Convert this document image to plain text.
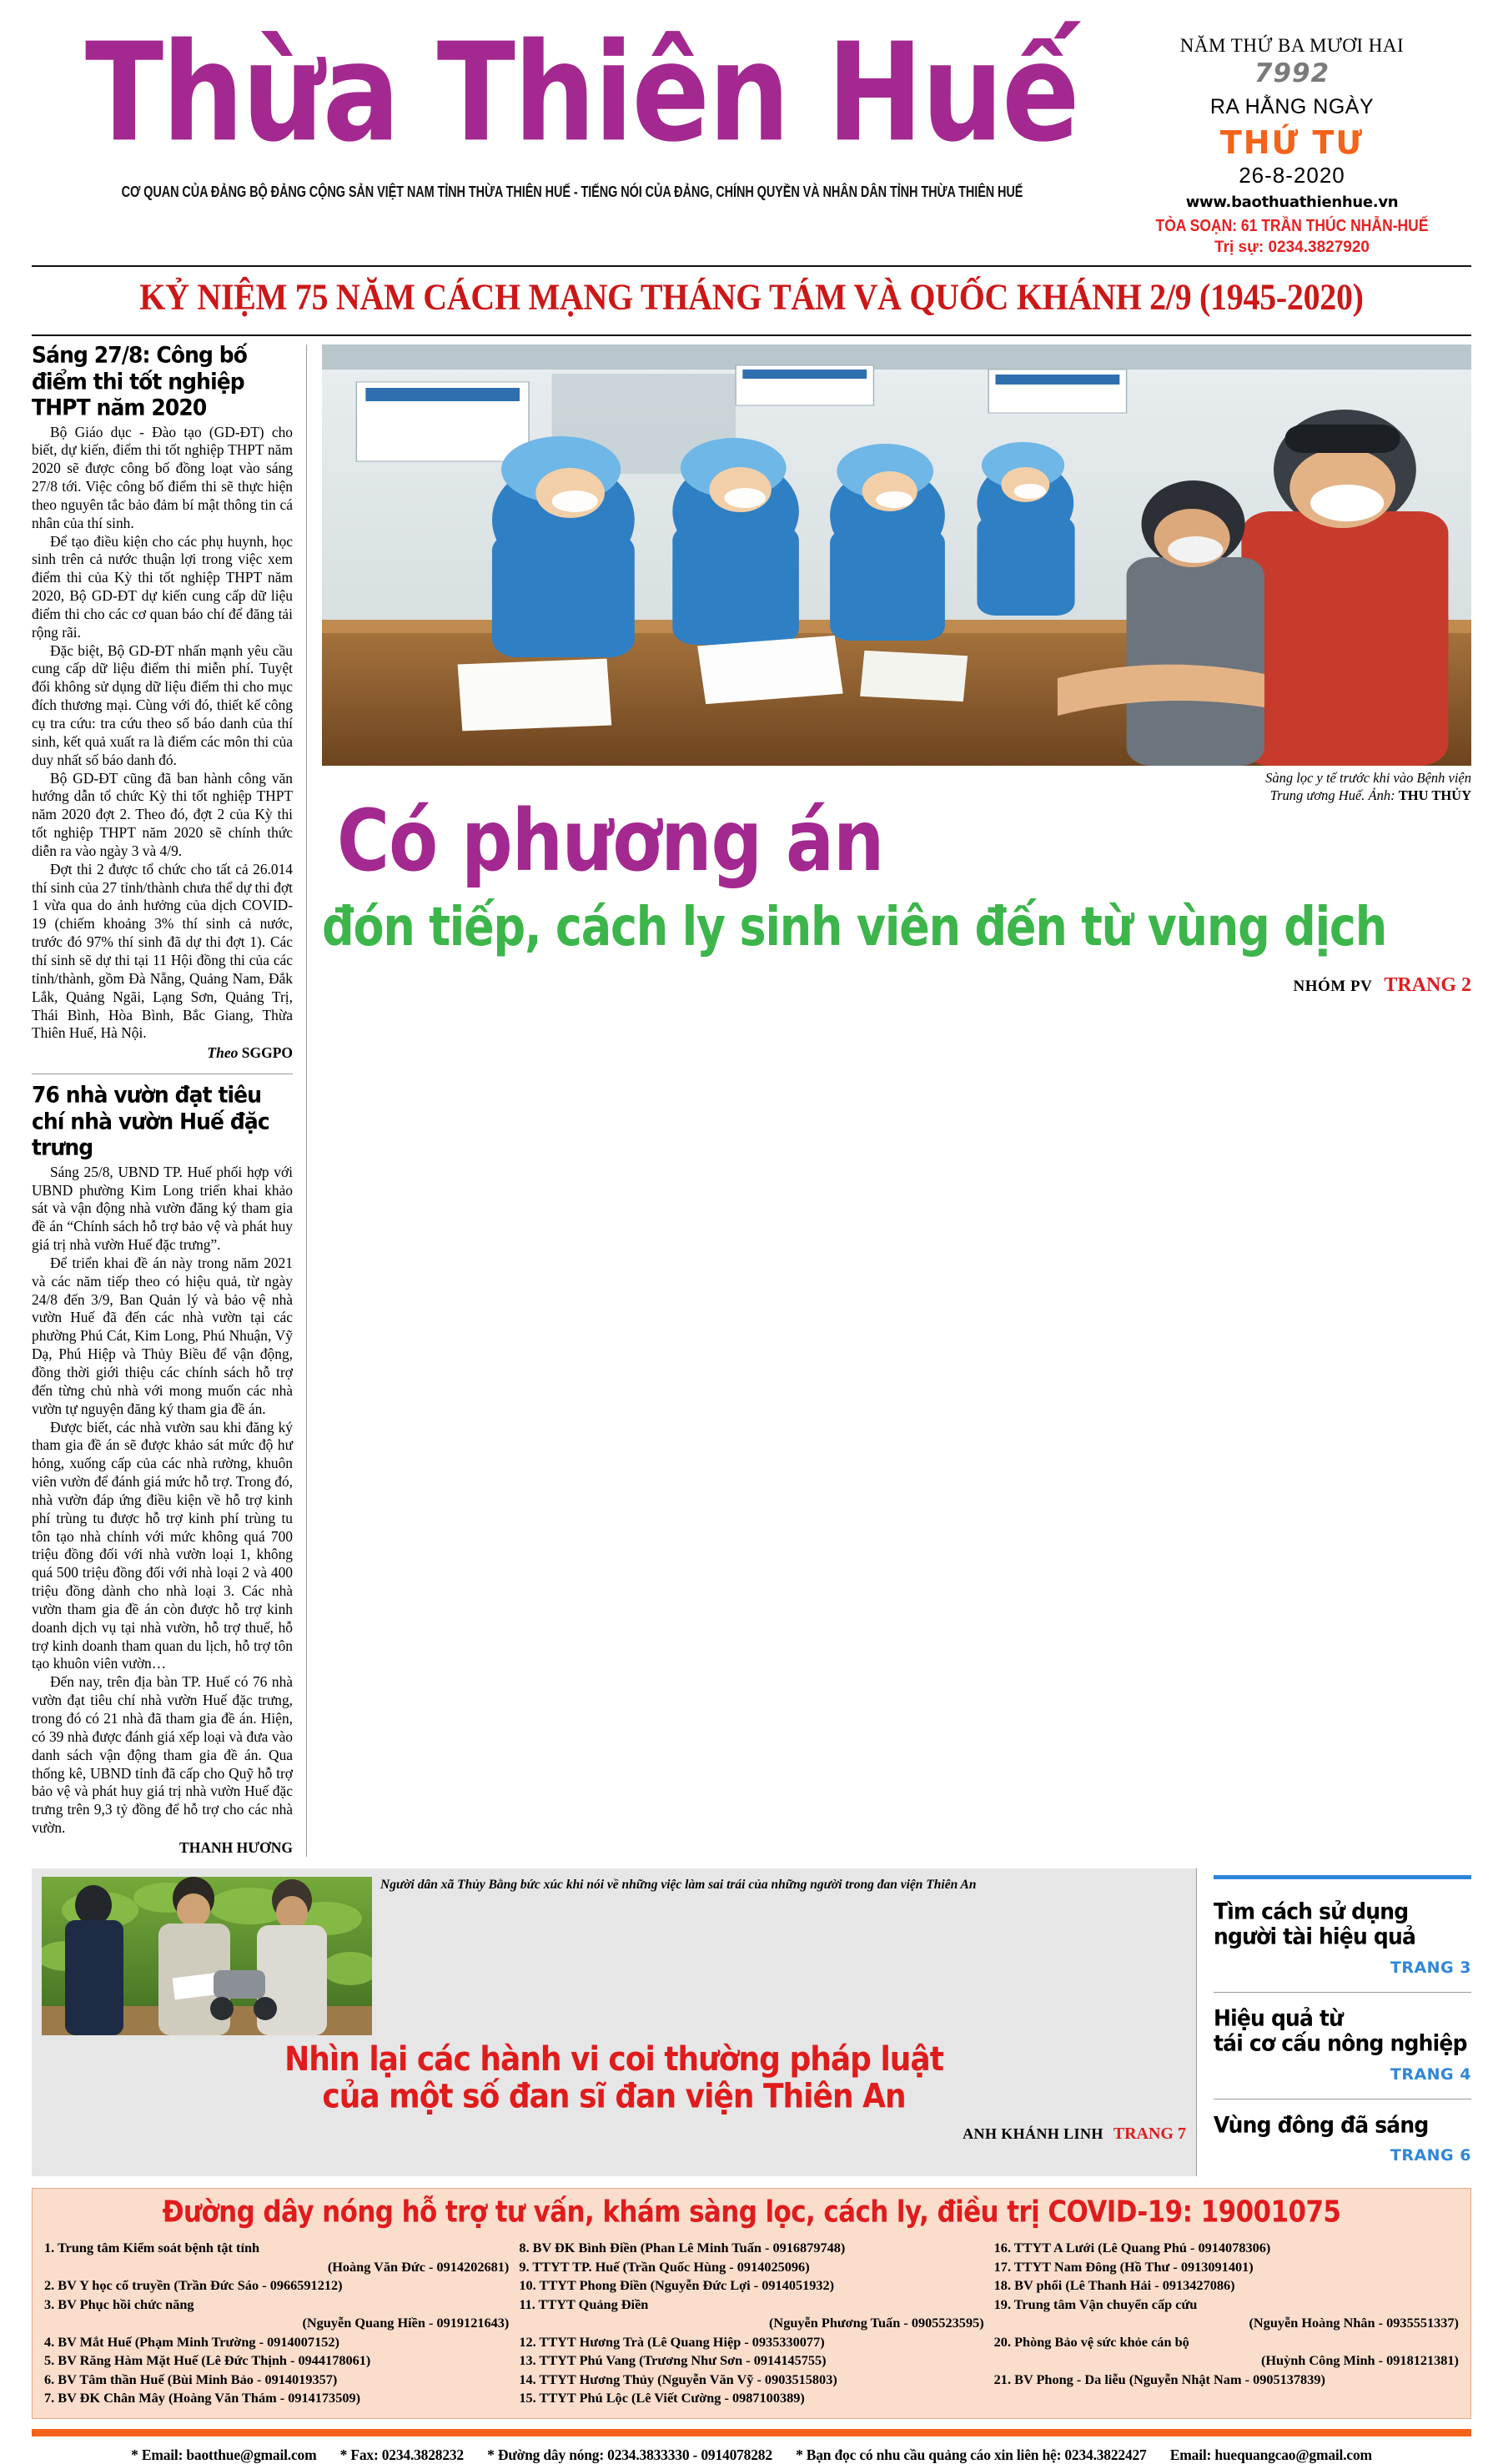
Thừa Thiên Huế
CƠ QUAN CỦA ĐẢNG BỘ ĐẢNG CỘNG SẢN VIỆT NAM TỈNH THỪA THIÊN HUẾ - TIẾNG NÓI CỦA ĐẢNG, CHÍNH QUYỀN VÀ NHÂN DÂN TỈNH THỪA THIÊN HUẾ
NĂM THỨ BA MƯƠI HAI
7992
RA HẰNG NGÀY
THỨ TƯ
26-8-2020
www.baothuathienhue.vn
TÒA SOẠN: 61 TRẦN THÚC NHẪN-HUẾ
Trị sự: 0234.3827920
KỶ NIỆM 75 NĂM CÁCH MẠNG THÁNG TÁM VÀ QUỐC KHÁNH 2/9 (1945-2020)
Sáng 27/8: Công bố điểm thi tốt nghiệp THPT năm 2020

Bộ Giáo dục - Đào tạo (GD-ĐT) cho biết, dự kiến, điểm thi tốt nghiệp THPT năm 2020 sẽ được công bố đồng loạt vào sáng 27/8 tới. Việc công bố điểm thi sẽ thực hiện theo nguyên tắc bảo đảm bí mật thông tin cá nhân của thí sinh.

Để tạo điều kiện cho các phụ huynh, học sinh trên cả nước thuận lợi trong việc xem điểm thi của Kỳ thi tốt nghiệp THPT năm 2020, Bộ GD-ĐT dự kiến cung cấp dữ liệu điểm thi cho các cơ quan báo chí để đăng tải rộng rãi.

Đặc biệt, Bộ GD-ĐT nhấn mạnh yêu cầu cung cấp dữ liệu điểm thi miễn phí. Tuyệt đối không sử dụng dữ liệu điểm thi cho mục đích thương mại. Cùng với đó, thiết kế công cụ tra cứu: tra cứu theo số báo danh của thí sinh, kết quả xuất ra là điểm các môn thi của duy nhất số báo danh đó.

Bộ GD-ĐT cũng đã ban hành công văn hướng dẫn tổ chức Kỳ thi tốt nghiệp THPT năm 2020 đợt 2. Theo đó, đợt 2 của Kỳ thi tốt nghiệp THPT năm 2020 sẽ chính thức diễn ra vào ngày 3 và 4/9.

Đợt thi 2 được tổ chức cho tất cả 26.014 thí sinh của 27 tỉnh/thành chưa thể dự thi đợt 1 vừa qua do ảnh hưởng của dịch COVID-19 (chiếm khoảng 3% thí sinh cả nước, trước đó 97% thí sinh đã dự thi đợt 1). Các thí sinh sẽ dự thi tại 11 Hội đồng thi của các tỉnh/thành, gồm Đà Nẵng, Quảng Nam, Đắk Lắk, Quảng Ngãi, Lạng Sơn, Quảng Trị, Thái Bình, Hòa Bình, Bắc Giang, Thừa Thiên Huế, Hà Nội.

Theo SGGPO
76 nhà vườn đạt tiêu chí nhà vườn Huế đặc trưng

Sáng 25/8, UBND TP. Huế phối hợp với UBND phường Kim Long triển khai khảo sát và vận động nhà vườn đăng ký tham gia đề án “Chính sách hỗ trợ bảo vệ và phát huy giá trị nhà vườn Huế đặc trưng”.

Để triển khai đề án này trong năm 2021 và các năm tiếp theo có hiệu quả, từ ngày 24/8 đến 3/9, Ban Quản lý và bảo vệ nhà vườn Huế đã đến các nhà vườn tại các phường Phú Cát, Kim Long, Phú Nhuận, Vỹ Dạ, Phú Hiệp và Thủy Biều để vận động, đồng thời giới thiệu các chính sách hỗ trợ đến từng chủ nhà với mong muốn các nhà vườn tự nguyện đăng ký tham gia đề án.

Được biết, các nhà vườn sau khi đăng ký tham gia đề án sẽ được khảo sát mức độ hư hỏng, xuống cấp của các nhà rường, khuôn viên vườn để đánh giá mức hỗ trợ. Trong đó, nhà vườn đáp ứng điều kiện về hỗ trợ kinh phí trùng tu được hỗ trợ kinh phí trùng tu tôn tạo nhà chính với mức không quá 700 triệu đồng đối với nhà vườn loại 1, không quá 500 triệu đồng đối với nhà loại 2 và 400 triệu đồng dành cho nhà loại 3. Các nhà vườn tham gia đề án còn được hỗ trợ kinh doanh dịch vụ tại nhà vườn, hỗ trợ thuế, hỗ trợ kinh doanh tham quan du lịch, hỗ trợ tôn tạo khuôn viên vườn…

Đến nay, trên địa bàn TP. Huế có 76 nhà vườn đạt tiêu chí nhà vườn Huế đặc trưng, trong đó có 21 nhà đã tham gia đề án. Hiện, có 39 nhà được đánh giá xếp loại và đưa vào danh sách vận động tham gia đề án. Qua thống kê, UBND tỉnh đã cấp cho Quỹ hỗ trợ bảo vệ và phát huy giá trị nhà vườn Huế đặc trưng trên 9,3 tỷ đồng để hỗ trợ cho các nhà vườn.

THANH HƯƠNG
Sàng lọc y tế trước khi vào Bệnh viện
Trung ương Huế. Ảnh: THU THỦY
Có phương án
đón tiếp, cách ly sinh viên đến từ vùng dịch
NHÓM PV TRANG 2
Người dân xã Thủy Bằng bức xúc khi nói về những việc làm sai trái của những người trong đan viện Thiên An
Nhìn lại các hành vi coi thường pháp luật
của một số đan sĩ đan viện Thiên An
ANH KHÁNH LINH TRANG 7
Tìm cách sử dụng
người tài hiệu quả
TRANG 3
Hiệu quả từ
tái cơ cấu nông nghiệp
TRANG 4
Vùng đông đã sáng
TRANG 6
Đường dây nóng hỗ trợ tư vấn, khám sàng lọc, cách ly, điều trị COVID-19: 19001075
1. Trung tâm Kiểm soát bệnh tật tỉnh
(Hoàng Văn Đức - 0914202681)
2. BV Y học cổ truyền (Trần Đức Sáo - 0966591212)
3. BV Phục hồi chức năng
(Nguyễn Quang Hiền - 0919121643)
4. BV Mắt Huế (Phạm Minh Trường - 0914007152)
5. BV Răng Hàm Mặt Huế (Lê Đức Thịnh - 0944178061)
6. BV Tâm thần Huế (Bùi Minh Bảo - 0914019357)
7. BV ĐK Chân Mây (Hoàng Văn Thám - 0914173509)
8. BV ĐK Bình Điền (Phan Lê Minh Tuấn - 0916879748)
9. TTYT TP. Huế (Trần Quốc Hùng - 0914025096)
10. TTYT Phong Điền (Nguyễn Đức Lợi - 0914051932)
11. TTYT Quảng Điền
(Nguyễn Phương Tuấn - 0905523595)
12. TTYT Hương Trà (Lê Quang Hiệp - 0935330077)
13. TTYT Phú Vang (Trương Như Sơn - 0914145755)
14. TTYT Hương Thủy (Nguyễn Văn Vỹ - 0903515803)
15. TTYT Phú Lộc (Lê Viết Cường - 0987100389)
16. TTYT A Lưới (Lê Quang Phú - 0914078306)
17. TTYT Nam Đông (Hồ Thư - 0913091401)
18. BV phổi (Lê Thanh Hải - 0913427086)
19. Trung tâm Vận chuyển cấp cứu
(Nguyễn Hoàng Nhân - 0935551337)
20. Phòng Bảo vệ sức khỏe cán bộ
(Huỳnh Công Minh - 0918121381)
21. BV Phong - Da liễu (Nguyễn Nhật Nam - 0905137839)
* Email: baotthue@gmail.com * Fax: 0234.3828232 * Đường dây nóng: 0234.3833330 - 0914078282 * Bạn đọc có nhu cầu quảng cáo xin liên hệ: 0234.3822427 Email: huequangcao@gmail.com
